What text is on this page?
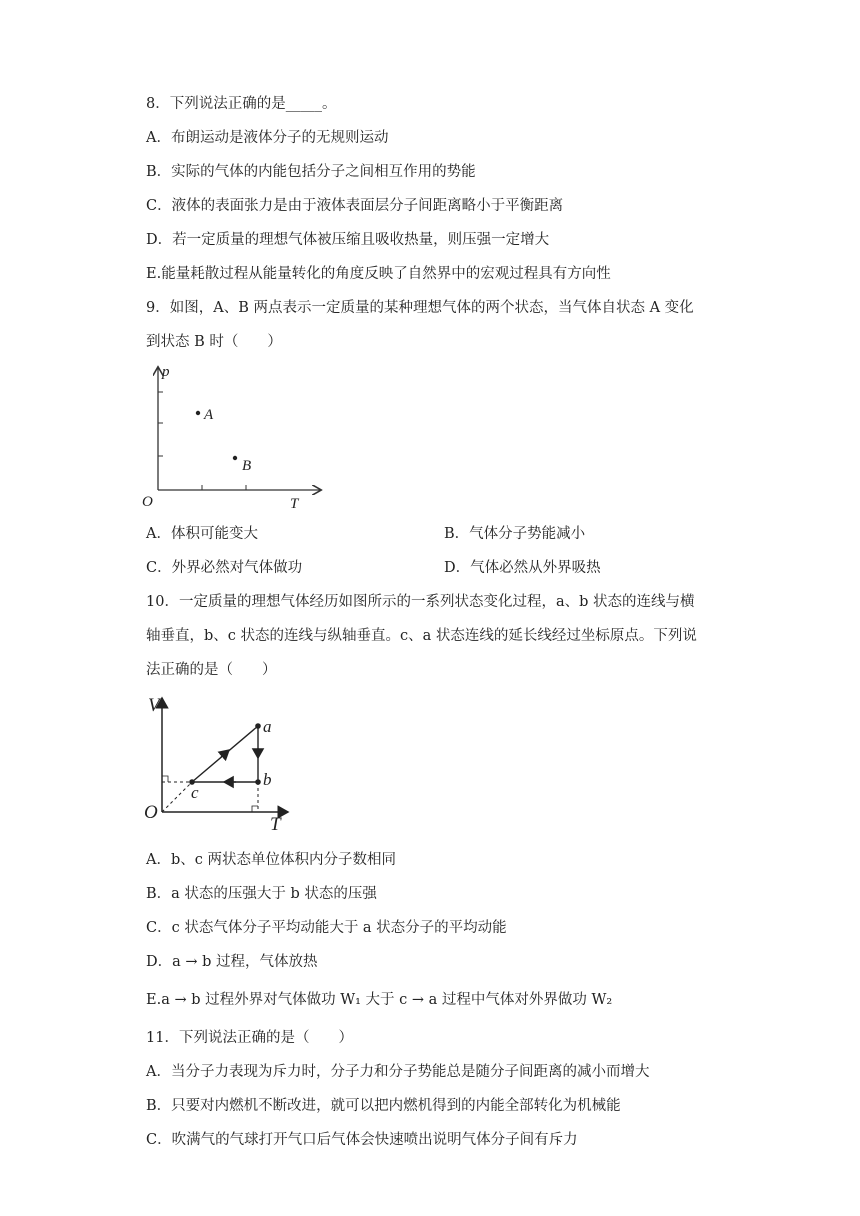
8．下列说法正确的是_____。
A．布朗运动是液体分子的无规则运动
B．实际的气体的内能包括分子之间相互作用的势能
C．液体的表面张力是由于液体表面层分子间距离略小于平衡距离
D．若一定质量的理想气体被压缩且吸收热量，则压强一定增大
E.能量耗散过程从能量转化的角度反映了自然界中的宏观过程具有方向性
9．如图，A、B 两点表示一定质量的某种理想气体的两个状态，当气体自状态 A 变化
到状态 B 时（　　）
A
B
p
T
O
A．体积可能变大	B．气体分子势能减小
C．外界必然对气体做功	D．气体必然从外界吸热
10．一定质量的理想气体经历如图所示的一系列状态变化过程，a、b 状态的连线与横
轴垂直，b、c 状态的连线与纵轴垂直。c、a 状态连线的延长线经过坐标原点。下列说
法正确的是（　　）
a
b
c
V
T
O
A．b、c 两状态单位体积内分子数相同
B．a 状态的压强大于 b 状态的压强
C．c 状态气体分子平均动能大于 a 状态分子的平均动能
D．a → b 过程，气体放热
E.a → b 过程外界对气体做功 W₁ 大于 c → a 过程中气体对外界做功 W₂
11．下列说法正确的是（　　）
A．当分子力表现为斥力时，分子力和分子势能总是随分子间距离的减小而增大
B．只要对内燃机不断改进，就可以把内燃机得到的内能全部转化为机械能
C．吹满气的气球打开气口后气体会快速喷出说明气体分子间有斥力
